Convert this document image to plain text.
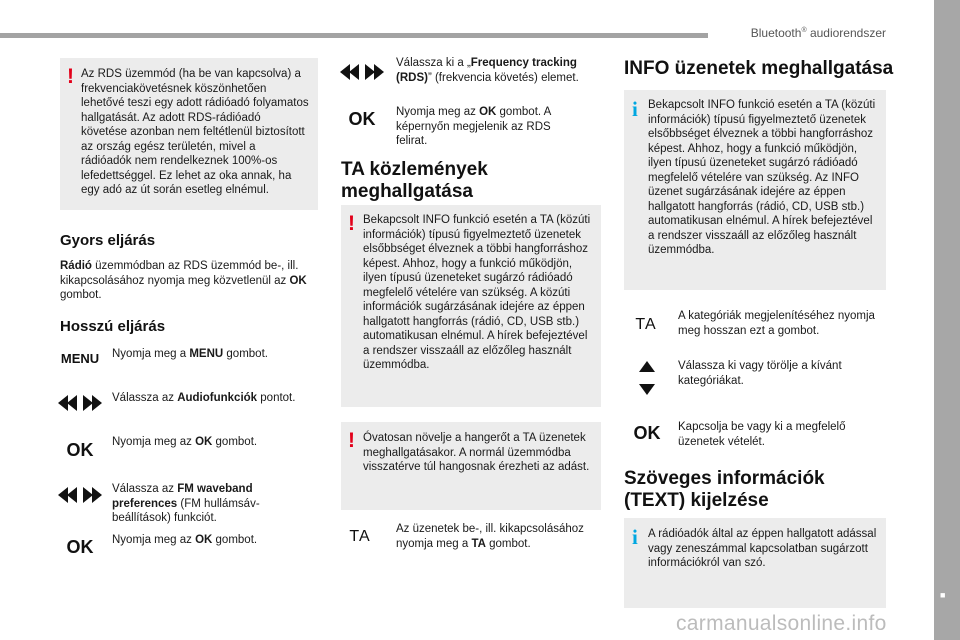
Bluetooth® audiorendszer
■
5
! Az RDS üzemmód (ha be van kapcsolva) a frekvenciakövetésnek köszönhetően lehetővé teszi egy adott rádióadó folyamatos hallgatását. Az adott RDS-rádióadó követése azonban nem feltétlenül biztosított az ország egész területén, mivel a rádióadók nem rendelkeznek 100%-os lefedettséggel. Ez lehet az oka annak, ha egy adó az út során esetleg elnémul.

Gyors eljárás
Rádió üzemmódban az RDS üzemmód be-, ill. kikapcsolásához nyomja meg közvetlenül az OK gombot.
Hosszú eljárás
MENU Nyomja meg a MENU gombot.
Válassza az Audiofunkciók pontot.
OK	Nyomja meg az OK gombot.
Válassza az FM waveband preferences (FM hullámsáv-beállítások) funkciót.
OK	Nyomja meg az OK gombot.
Válassza ki a „Frequency tracking (RDS)” (frekvencia követés) elemet.
OK	Nyomja meg az OK gombot. A képernyőn megjelenik az RDS felirat.
TA közlemények
meghallgatása
! Bekapcsolt INFO funkció esetén a TA (közúti információk) típusú figyelmeztető üzenetek elsőbbséget élveznek a többi hangforráshoz képest. Ahhoz, hogy a funkció működjön, ilyen típusú üzeneteket sugárzó rádióadó megfelelő vételére van szükség. A közúti információk sugárzásának idejére az éppen hallgatott hangforrás (rádió, CD, USB stb.) automatikusan elnémul. A hírek befejeztével a rendszer visszaáll az előzőleg használt üzemmódba.

! Óvatosan növelje a hangerőt a TA üzenetek meghallgatásakor. A normál üzemmódba visszatérve túl hangosnak érezheti az adást.

TA	Az üzenetek be-, ill. kikapcsolásához nyomja meg a TA gombot.
INFO üzenetek meghallgatása
i Bekapcsolt INFO funkció esetén a TA (közúti információk) típusú figyelmeztető üzenetek elsőbbséget élveznek a többi hangforráshoz képest. Ahhoz, hogy a funkció működjön, ilyen típusú üzeneteket sugárzó rádióadó megfelelő vételére van szükség. Az INFO üzenet sugárzásának idejére az éppen hallgatott hangforrás (rádió, CD, USB stb.) automatikusan elnémul. A hírek befejeztével a rendszer visszaáll az előzőleg használt üzemmódba.

TA	A kategóriák megjelenítéséhez nyomja meg hosszan ezt a gombot.
Válassza ki vagy törölje a kívánt kategóriákat.
OK	Kapcsolja be vagy ki a megfelelő üzenetek vételét.
Szöveges információk
(TEXT) kijelzése
i A rádióadók által az éppen hallgatott adással vagy zeneszámmal kapcsolatban sugárzott információkról van szó.

carmanualsonline.info
